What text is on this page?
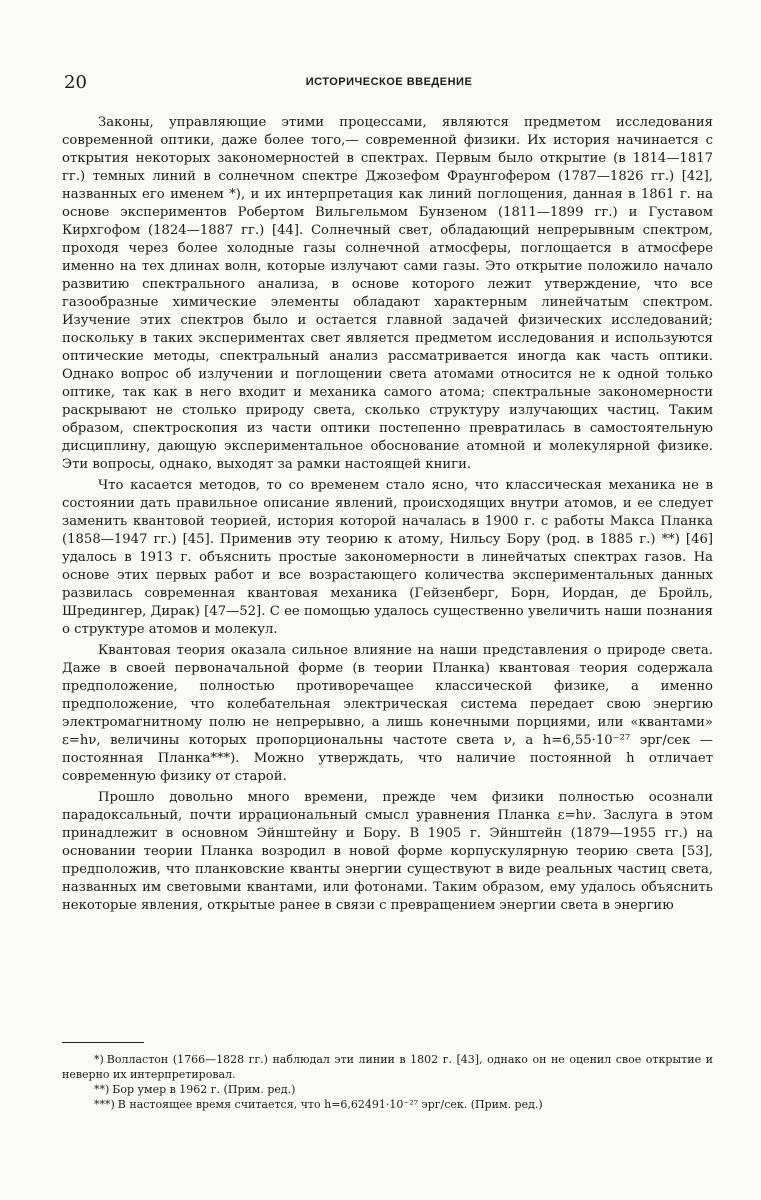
20	ИСТОРИЧЕСКОЕ ВВЕДЕНИЕ

Законы, управляющие этими процессами, являются предметом исследования современной оптики, даже более того,— современной физики. Их история начинается с открытия некоторых закономерностей в спектрах. Первым было открытие (в 1814—1817 гг.) темных линий в солнечном спектре Джозефом Фраунгофером (1787—1826 гг.) [42], названных его именем *), и их интерпретация как линий поглощения, данная в 1861 г. на основе экспериментов Робертом Вильгельмом Бунзеном (1811—1899 гг.) и Густавом Кирхгофом (1824—1887 гг.) [44]. Солнечный свет, обладающий непрерывным спектром, проходя через более холодные газы солнечной атмосферы, поглощается в атмосфере именно на тех длинах волн, которые излучают сами газы. Это открытие положило начало развитию спектрального анализа, в основе которого лежит утверждение, что все газообразные химические элементы обладают характерным линейчатым спектром. Изучение этих спектров было и остается главной задачей физических исследований; поскольку в таких экспериментах свет является предметом исследования и используются оптические методы, спектральный анализ рассматривается иногда как часть оптики. Однако вопрос об излучении и поглощении света атомами относится не к одной только оптике, так как в него входит и механика самого атома; спектральные закономерности раскрывают не столько природу света, сколько структуру излучающих частиц. Таким образом, спектроскопия из части оптики постепенно превратилась в самостоятельную дисциплину, дающую экспериментальное обоснование атомной и молекулярной физике. Эти вопросы, однако, выходят за рамки настоящей книги.

Что касается методов, то со временем стало ясно, что классическая механика не в состоянии дать правильное описание явлений, происходящих внутри атомов, и ее следует заменить квантовой теорией, история которой началась в 1900 г. с работы Макса Планка (1858—1947 гг.) [45]. Применив эту теорию к атому, Нильсу Бору (род. в 1885 г.) **) [46] удалось в 1913 г. объяснить простые закономерности в линейчатых спектрах газов. На основе этих первых работ и все возрастающего количества экспериментальных данных развилась современная квантовая механика (Гейзенберг, Борн, Иордан, де Бройль, Шредингер, Дирак) [47—52]. С ее помощью удалось существенно увеличить наши познания о структуре атомов и молекул.

Квантовая теория оказала сильное влияние на наши представления о природе света. Даже в своей первоначальной форме (в теории Планка) квантовая теория содержала предположение, полностью противоречащее классической физике, а именно предположение, что колебательная электрическая система передает свою энергию электромагнитному полю не непрерывно, а лишь конечными порциями, или «квантами» ε=hν, величины которых пропорциональны частоте света ν, а h=6,55·10⁻²⁷ эрг/сек — постоянная Планка***). Можно утверждать, что наличие постоянной h отличает современную физику от старой.

Прошло довольно много времени, прежде чем физики полностью осознали парадоксальный, почти иррациональный смысл уравнения Планка ε=hν. Заслуга в этом принадлежит в основном Эйнштейну и Бору. В 1905 г. Эйнштейн (1879—1955 гг.) на основании теории Планка возродил в новой форме корпускулярную теорию света [53], предположив, что планковские кванты энергии существуют в виде реальных частиц света, названных им световыми квантами, или фотонами. Таким образом, ему удалось объяснить некоторые явления, открытые ранее в связи с превращением энергии света в энергию

*) Волластон (1766—1828 гг.) наблюдал эти линии в 1802 г. [43], однако он не оценил свое открытие и неверно их интерпретировал.

**) Бор умер в 1962 г. (Прим. ред.)

***) В настоящее время считается, что h=6,62491·10⁻²⁷ эрг/сек. (Прим. ред.)
